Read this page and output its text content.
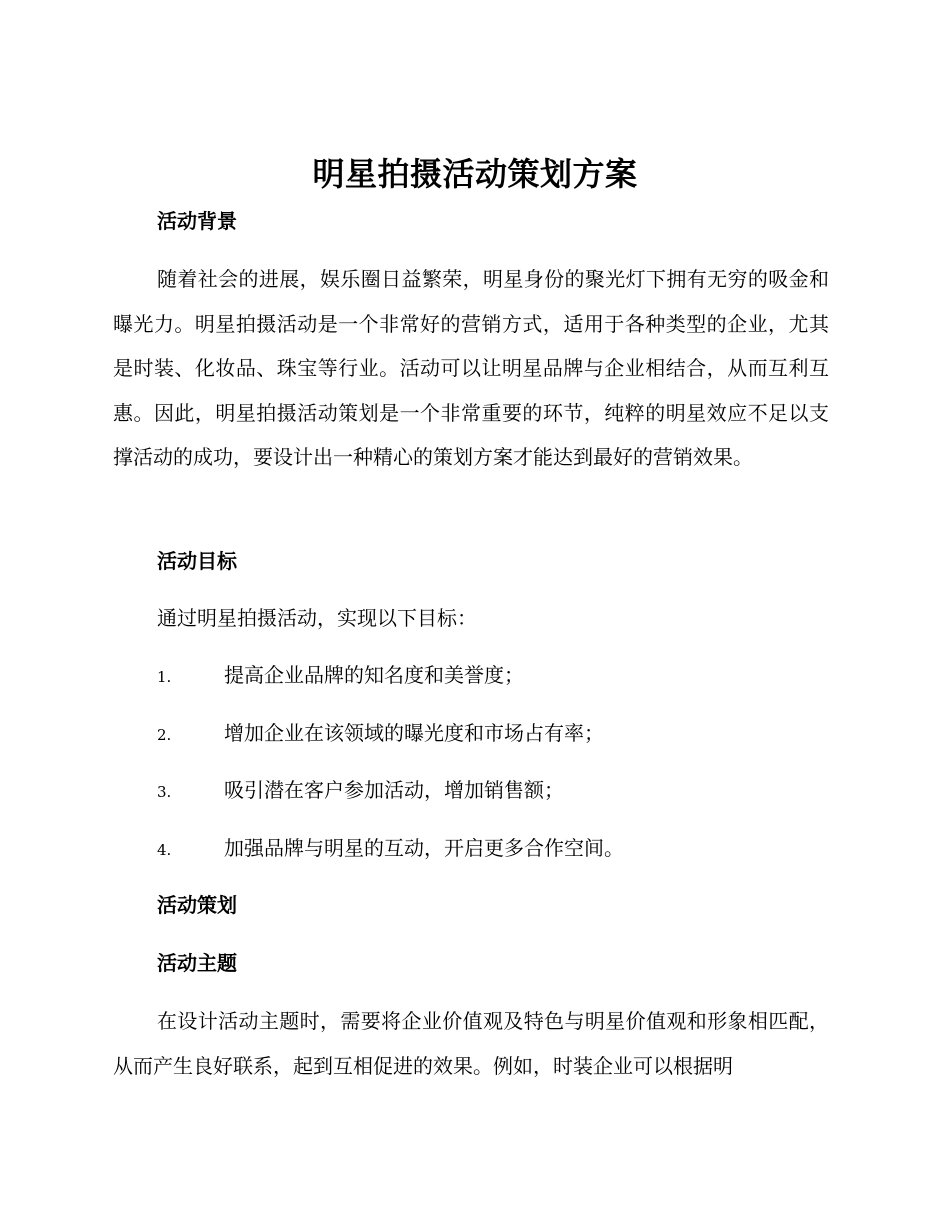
明星拍摄活动策划方案
活动背景
随着社会的进展，娱乐圈日益繁荣，明星身份的聚光灯下拥有无穷的吸金和曝光力。明星拍摄活动是一个非常好的营销方式，适用于各种类型的企业，尤其是时装、化妆品、珠宝等行业。活动可以让明星品牌与企业相结合，从而互利互惠。因此，明星拍摄活动策划是一个非常重要的环节，纯粹的明星效应不足以支撑活动的成功，要设计出一种精心的策划方案才能达到最好的营销效果。
活动目标
通过明星拍摄活动，实现以下目标：
1.	提高企业品牌的知名度和美誉度；
2.	增加企业在该领域的曝光度和市场占有率；
3.	吸引潜在客户参加活动，增加销售额；
4.	加强品牌与明星的互动，开启更多合作空间。
活动策划
活动主题
在设计活动主题时，需要将企业价值观及特色与明星价值观和形象相匹配，从而产生良好联系，起到互相促进的效果。例如，时装企业可以根据明
